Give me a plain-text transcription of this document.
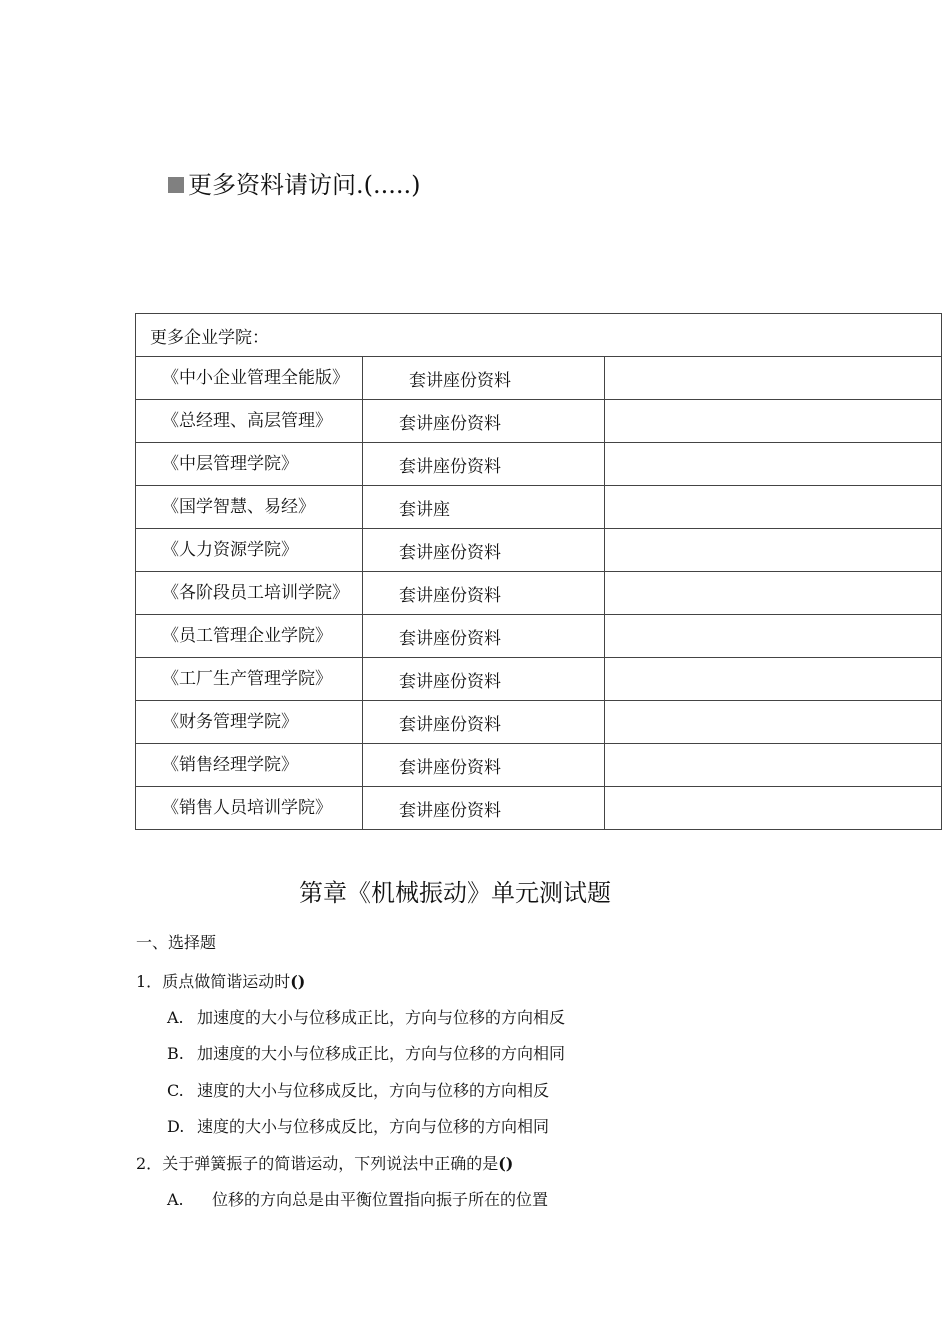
更多资料请访问.(.....)
更多企业学院：		
《中小企业管理全能版》	套讲座份资料	
《总经理、高层管理》	套讲座份资料	
《中层管理学院》	套讲座份资料	
《国学智慧、易经》	套讲座	
《人力资源学院》	套讲座份资料	
《各阶段员工培训学院》	套讲座份资料	
《员工管理企业学院》	套讲座份资料	
《工厂生产管理学院》	套讲座份资料	
《财务管理学院》	套讲座份资料	
《销售经理学院》	套讲座份资料	
《销售人员培训学院》	套讲座份资料	
第章《机械振动》单元测试题
一、选择题
1．质点做简谐运动时()
A. 加速度的大小与位移成正比，方向与位移的方向相反
B. 加速度的大小与位移成正比，方向与位移的方向相同
C. 速度的大小与位移成反比，方向与位移的方向相反
D. 速度的大小与位移成反比，方向与位移的方向相同
2．关于弹簧振子的简谐运动，下列说法中正确的是()
A. 位移的方向总是由平衡位置指向振子所在的位置
